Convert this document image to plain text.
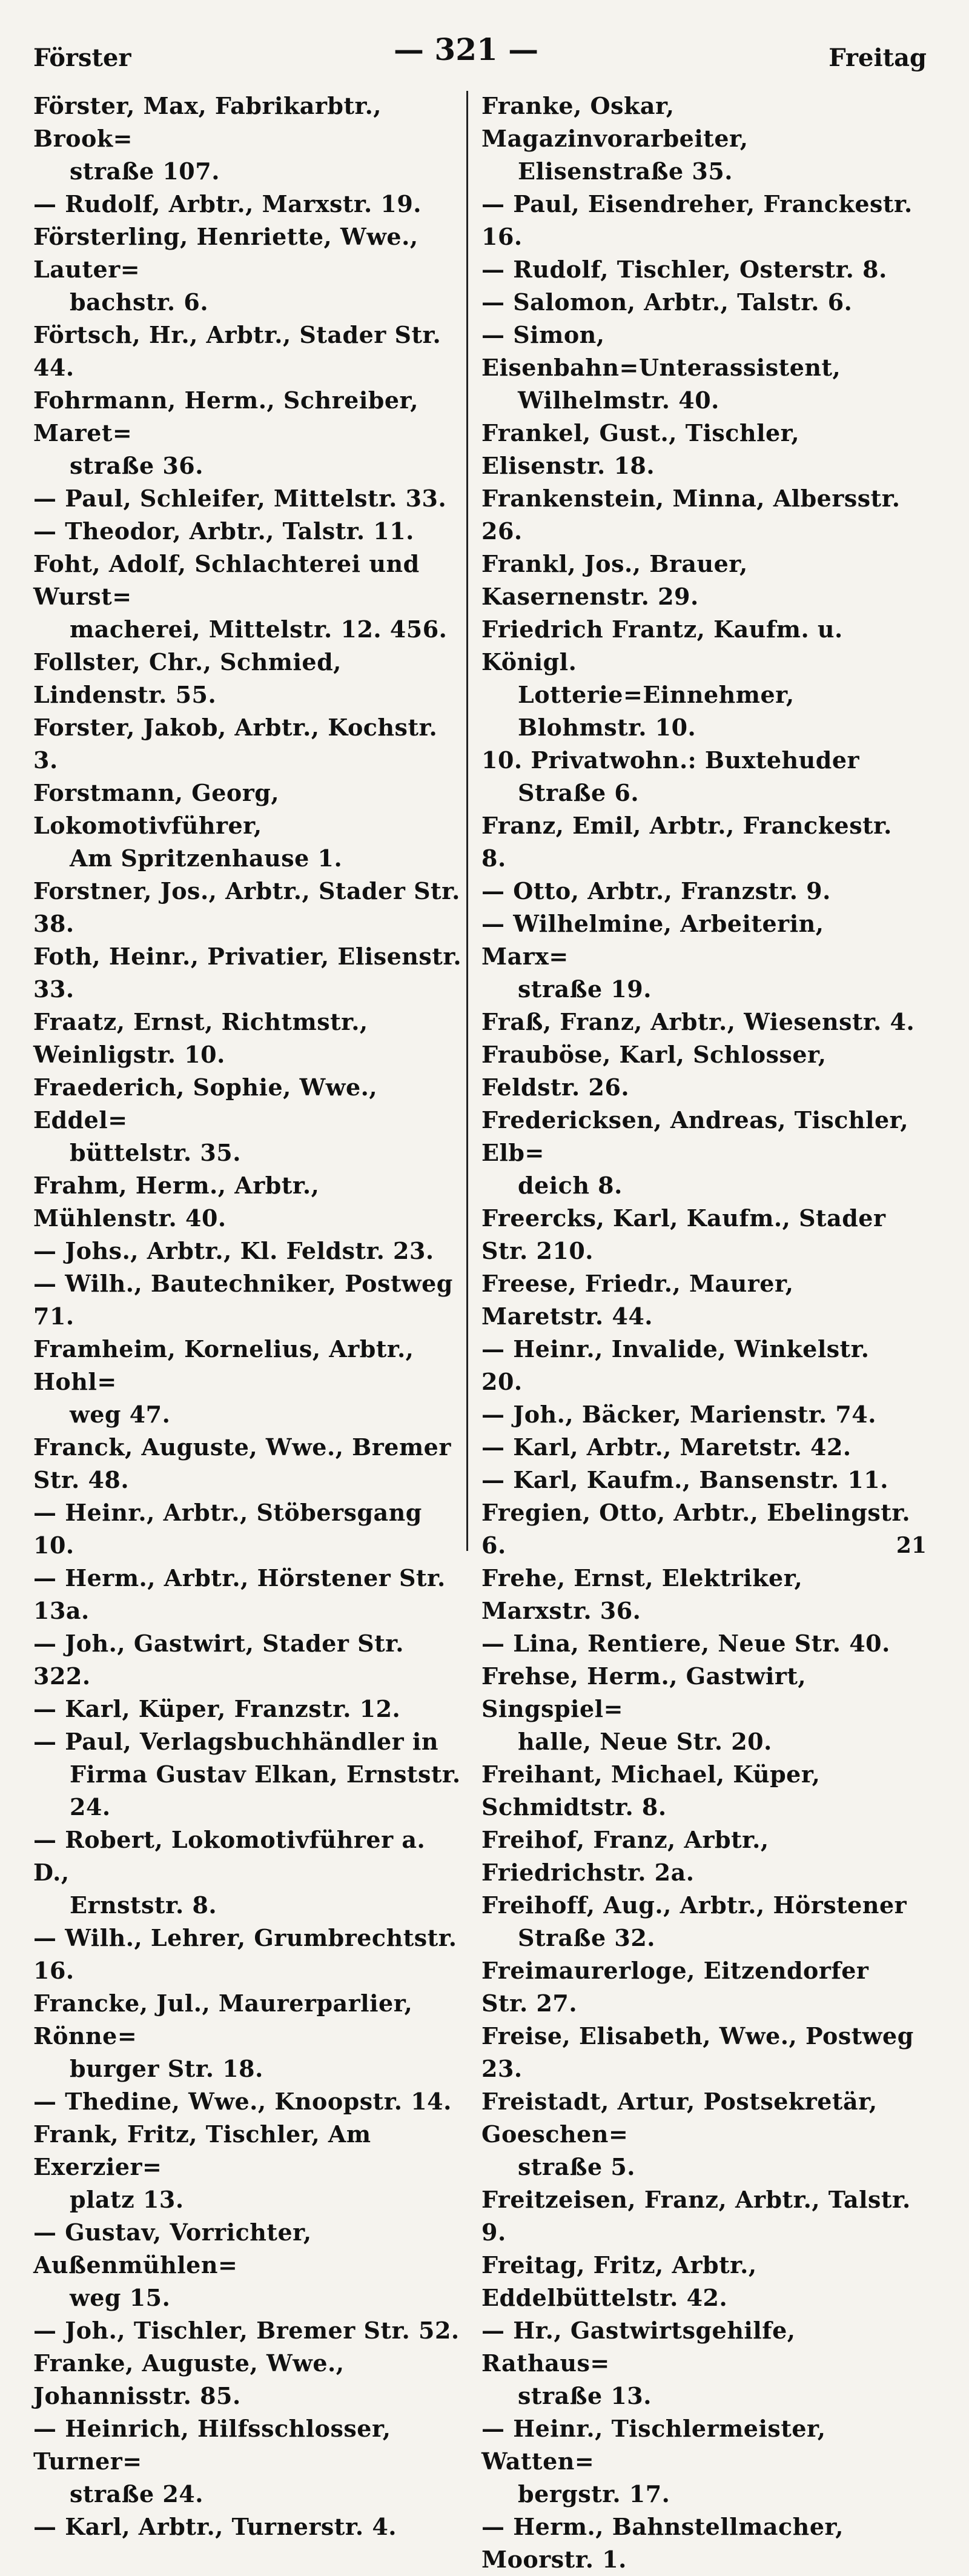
Förster	— 321 —	Freitag
Förster, Max, Fabrikarbtr., Brook=
straße 107.
— Rudolf, Arbtr., Marxstr. 19.
Försterling, Henriette, Wwe., Lauter=
bachstr. 6.
Förtsch, Hr., Arbtr., Stader Str. 44.
Fohrmann, Herm., Schreiber, Maret=
straße 36.
— Paul, Schleifer, Mittelstr. 33.
— Theodor, Arbtr., Talstr. 11.
Foht, Adolf, Schlachterei und Wurst=
macherei, Mittelstr. 12. 456.
Follster, Chr., Schmied, Lindenstr. 55.
Forster, Jakob, Arbtr., Kochstr. 3.
Forstmann, Georg, Lokomotivführer,
Am Spritzenhause 1.
Forstner, Jos., Arbtr., Stader Str. 38.
Foth, Heinr., Privatier, Elisenstr. 33.
Fraatz, Ernst, Richtmstr., Weinligstr. 10.
Fraederich, Sophie, Wwe., Eddel=
büttelstr. 35.
Frahm, Herm., Arbtr., Mühlenstr. 40.
— Johs., Arbtr., Kl. Feldstr. 23.
— Wilh., Bautechniker, Postweg 71.
Framheim, Kornelius, Arbtr., Hohl=
weg 47.
Franck, Auguste, Wwe., Bremer Str. 48.
— Heinr., Arbtr., Stöbersgang 10.
— Herm., Arbtr., Hörstener Str. 13a.
— Joh., Gastwirt, Stader Str. 322.
— Karl, Küper, Franzstr. 12.
— Paul, Verlagsbuchhändler in
Firma Gustav Elkan, Ernststr. 24.
— Robert, Lokomotivführer a. D.,
Ernststr. 8.
— Wilh., Lehrer, Grumbrechtstr. 16.
Francke, Jul., Maurerparlier, Rönne=
burger Str. 18.
— Thedine, Wwe., Knoopstr. 14.
Frank, Fritz, Tischler, Am Exerzier=
platz 13.
— Gustav, Vorrichter, Außenmühlen=
weg 15.
— Joh., Tischler, Bremer Str. 52.
Franke, Auguste, Wwe., Johannisstr. 85.
— Heinrich, Hilfsschlosser, Turner=
straße 24.
— Karl, Arbtr., Turnerstr. 4.
Franke, Oskar, Magazinvorarbeiter,
Elisenstraße 35.
— Paul, Eisendreher, Franckestr. 16.
— Rudolf, Tischler, Osterstr. 8.
— Salomon, Arbtr., Talstr. 6.
— Simon, Eisenbahn=Unterassistent,
Wilhelmstr. 40.
Frankel, Gust., Tischler, Elisenstr. 18.
Frankenstein, Minna, Albersstr. 26.
Frankl, Jos., Brauer, Kasernenstr. 29.
Friedrich Frantz, Kaufm. u. Königl.
Lotterie=Einnehmer, Blohmstr. 10.
10. Privatwohn.: Buxtehuder
Straße 6.
Franz, Emil, Arbtr., Franckestr. 8.
— Otto, Arbtr., Franzstr. 9.
— Wilhelmine, Arbeiterin, Marx=
straße 19.
Fraß, Franz, Arbtr., Wiesenstr. 4.
Frauböse, Karl, Schlosser, Feldstr. 26.
Fredericksen, Andreas, Tischler, Elb=
deich 8.
Freercks, Karl, Kaufm., Stader Str. 210.
Freese, Friedr., Maurer, Maretstr. 44.
— Heinr., Invalide, Winkelstr. 20.
— Joh., Bäcker, Marienstr. 74.
— Karl, Arbtr., Maretstr. 42.
— Karl, Kaufm., Bansenstr. 11.
Fregien, Otto, Arbtr., Ebelingstr. 6.
Frehe, Ernst, Elektriker, Marxstr. 36.
— Lina, Rentiere, Neue Str. 40.
Frehse, Herm., Gastwirt, Singspiel=
halle, Neue Str. 20.
Freihant, Michael, Küper, Schmidtstr. 8.
Freihof, Franz, Arbtr., Friedrichstr. 2a.
Freihoff, Aug., Arbtr., Hörstener
Straße 32.
Freimaurerloge, Eitzendorfer Str. 27.
Freise, Elisabeth, Wwe., Postweg 23.
Freistadt, Artur, Postsekretär, Goeschen=
straße 5.
Freitzeisen, Franz, Arbtr., Talstr. 9.
Freitag, Fritz, Arbtr., Eddelbüttelstr. 42.
— Hr., Gastwirtsgehilfe, Rathaus=
straße 13.
— Heinr., Tischlermeister, Watten=
bergstr. 17.
— Herm., Bahnstellmacher, Moorstr. 1.
21
